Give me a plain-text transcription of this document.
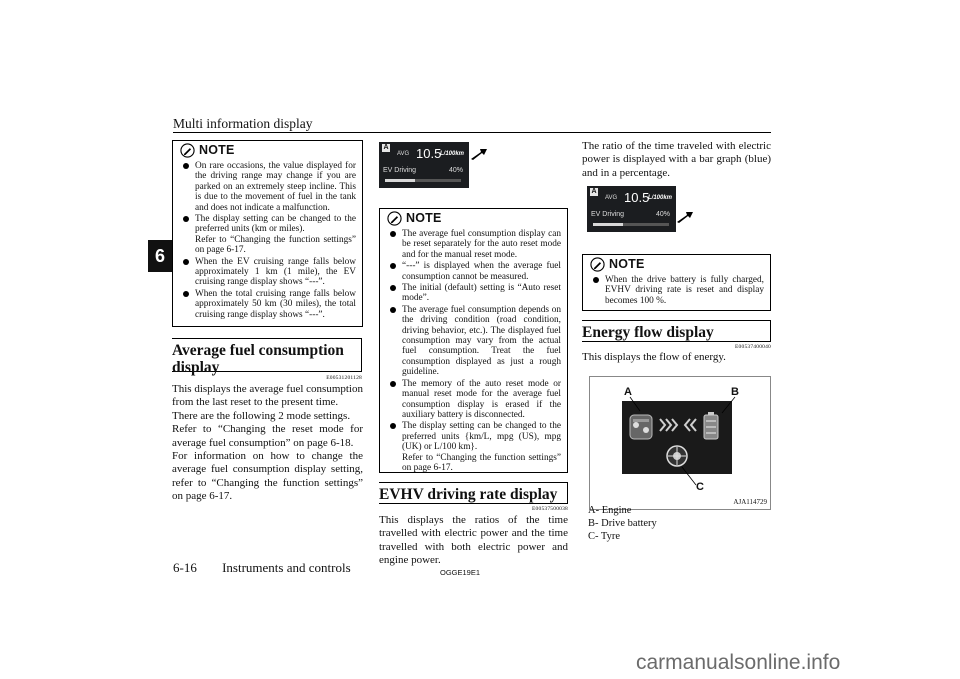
Multi information display
6
NOTE
On rare occasions, the value displayed for the driving range may change if you are parked on an extremely steep incline. This is due to the movement of fuel in the tank and does not indicate a malfunction.
The display setting can be changed to the preferred units (km or miles).
Refer to “Changing the function settings” on page 6-17.
When the EV cruising range falls below approximately 1 km (1 mile), the EV cruising range display shows “---”.
When the total cruising range falls below approximately 50 km (30 miles), the total cruising range display shows “---”.
Average fuel consumption display
E00531201128
This displays the average fuel consumption from the last reset to the present time.
There are the following 2 mode settings.
Refer to “Changing the reset mode for average fuel consumption” on page 6-18.
For information on how to change the average fuel consumption display setting, refer to “Changing the function settings” on page 6-17.
A
AVG 10.5
L/100km
EV Driving	40%
NOTE
The average fuel consumption display can be reset separately for the auto reset mode and for the manual reset mode.
“---” is displayed when the average fuel consumption cannot be measured.
The initial (default) setting is “Auto reset mode”.
The average fuel consumption depends on the driving condition (road condition, driving behavior, etc.). The displayed fuel consumption may vary from the actual fuel consumption. Treat the fuel consumption displayed as just a rough guideline.
The memory of the auto reset mode or manual reset mode for the average fuel consumption display is erased if the auxiliary battery is disconnected.
The display setting can be changed to the preferred units {km/L, mpg (US), mpg (UK) or L/100 km}.
Refer to “Changing the function settings” on page 6-17.
EVHV driving rate display
E00537500038
This displays the ratios of the time travelled with electric power and the time travelled with both electric power and engine power.
The ratio of the time traveled with electric power is displayed with a bar graph (blue) and in a percentage.
A
AVG 10.5
L/100km
EV Driving	40%
NOTE
When the drive battery is fully charged, EVHV driving rate is reset and display becomes 100 %.
Energy flow display
E00537400040
This displays the flow of energy.
A	B
C
AJA114729
A- Engine
B- Drive battery
C- Tyre
6-16 Instruments and controls	OGGE19E1
carmanualsonline.info
